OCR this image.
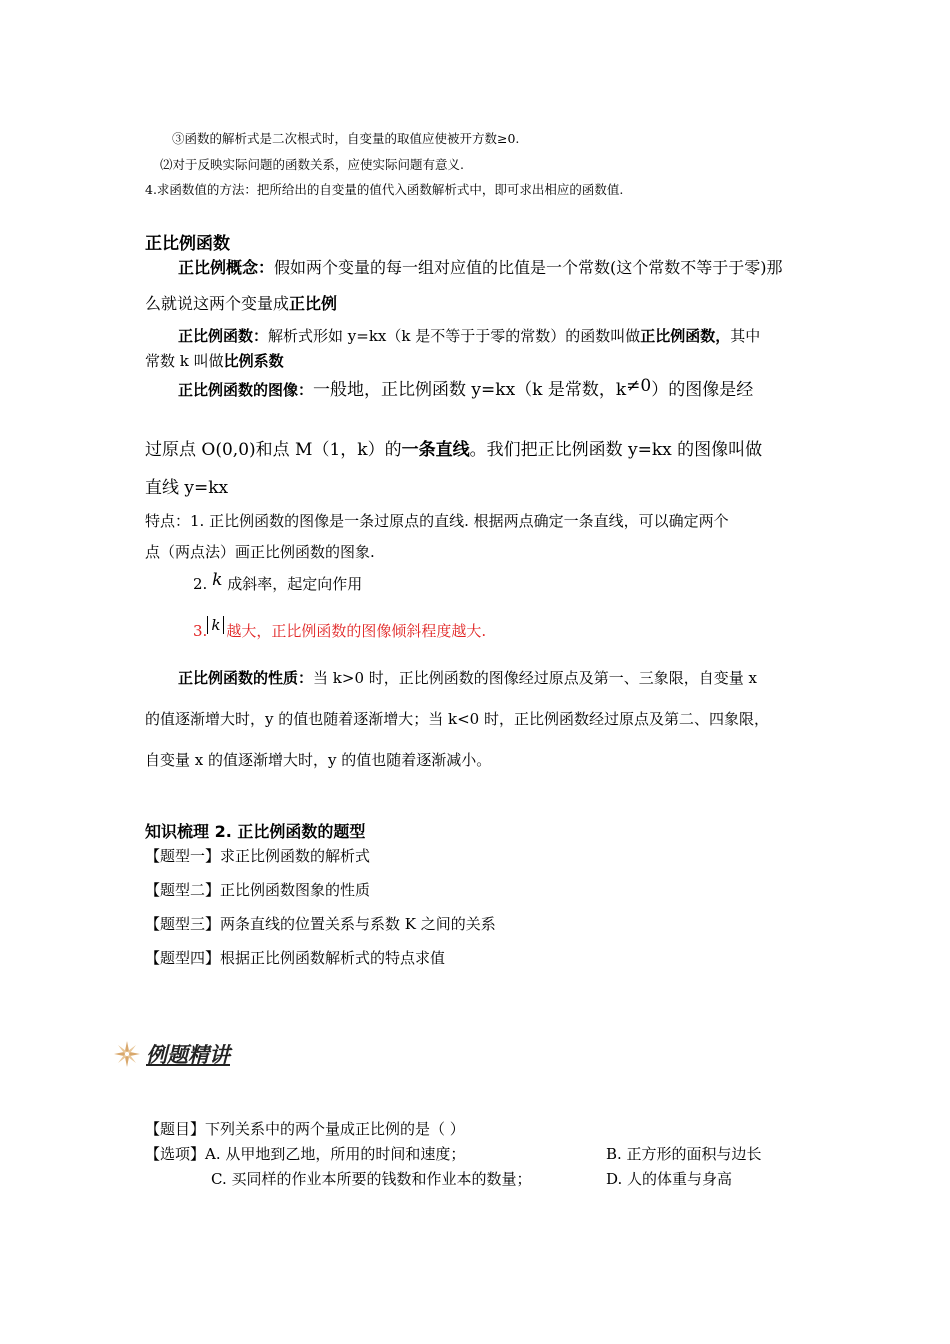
③函数的解析式是二次根式时，自变量的取值应使被开方数≥0.
⑵对于反映实际问题的函数关系，应使实际问题有意义.
4.求函数值的方法：把所给出的自变量的值代入函数解析式中，即可求出相应的函数值.
正比例函数
正比例概念：假如两个变量的每一组对应值的比值是一个常数(这个常数不等于于零)那
么就说这两个变量成正比例
正比例函数：解析式形如 y=kx（k 是不等于于零的常数）的函数叫做正比例函数，其中
常数 k 叫做比例系数
正比例函数的图像：一般地，正比例函数 y=kx（k 是常数，k≠0）的图像是经
过原点 O(0,0)和点 M（1，k）的一条直线。我们把正比例函数 y=kx 的图像叫做
直线 y=kx
特点：1. 正比例函数的图像是一条过原点的直线. 根据两点确定一条直线，可以确定两个
点（两点法）画正比例函数的图象.
2. k 成斜率，起定向作用
3. k 越大，正比例函数的图像倾斜程度越大.
正比例函数的性质：当 k>0 时，正比例函数的图像经过原点及第一、三象限，自变量 x
的值逐渐增大时，y 的值也随着逐渐增大；当 k<0 时，正比例函数经过原点及第二、四象限，
自变量 x 的值逐渐增大时，y 的值也随着逐渐减小。
知识梳理 2. 正比例函数的题型
【题型一】求正比例函数的解析式
【题型二】正比例函数图象的性质
【题型三】两条直线的位置关系与系数 K 之间的关系
【题型四】根据正比例函数解析式的特点求值
例题精讲
【题目】下列关系中的两个量成正比例的是（ ）
【选项】A. 从甲地到乙地，所用的时间和速度；	B. 正方形的面积与边长
C. 买同样的作业本所要的钱数和作业本的数量；	D. 人的体重与身高
